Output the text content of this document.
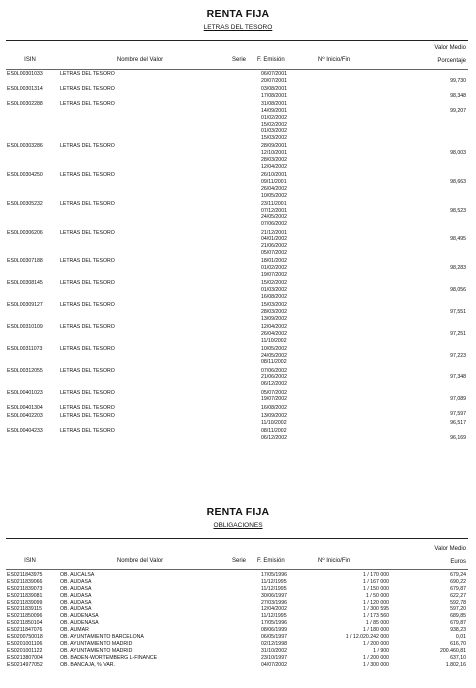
RENTA FIJA
LETRAS DEL TESORO
ISIN	Nombre del Valor	Serie F. Emisión	Nº Inicio/Fin
Valor Medio
Porcentaje
ES0L00301033	LETRAS DEL TESORO	06/07/2001
20/07/2001	99,730
ES0L00301314	LETRAS DEL TESORO	03/08/2001
17/08/2001	98,348
ES0L00302288	LETRAS DEL TESORO	31/08/2001
14/09/2001
01/02/2002
15/02/2002
01/03/2002
15/03/2002
99,207
ES0L00303286	LETRAS DEL TESORO	28/09/2001
12/10/2001
28/03/2002
12/04/2002
98,003
ES0L00304250	LETRAS DEL TESORO	26/10/2001
09/11/2001
26/04/2002
10/05/2002
98,663
ES0L00305232	LETRAS DEL TESORO	23/11/2001
07/12/2001
24/05/2002
07/06/2002
98,523
ES0L00306206	LETRAS DEL TESORO	21/12/2001
04/01/2002
21/06/2002
05/07/2002
98,495
ES0L00307188	LETRAS DEL TESORO	18/01/2002
01/02/2002
19/07/2002
98,283
ES0L00308145	LETRAS DEL TESORO	15/02/2002
01/03/2002
16/08/2002
98,056
ES0L00309127	LETRAS DEL TESORO	15/03/2002
28/03/2002
13/09/2002
97,551
ES0L00310109	LETRAS DEL TESORO	12/04/2002
26/04/2002
11/10/2002
97,251
ES0L00311073	LETRAS DEL TESORO	10/05/2002
24/05/2002
08/11/2002
97,223
ES0L00312055	LETRAS DEL TESORO	07/06/2002
21/06/2002
06/12/2002
97,348
ES0L00401023	LETRAS DEL TESORO	05/07/2002
19/07/2002	97,089
ES0L00401304	LETRAS DEL TESORO	16/08/2002
97,597
ES0L00402203	LETRAS DEL TESORO	13/09/2002
11/10/2002	96,517
ES0L00404233	LETRAS DEL TESORO	08/11/2002
06/12/2002	96,169
RENTA FIJA
OBLIGACIONES
ISIN	Nombre del Valor	Serie F. Emisión	Nº Inicio/Fin
Valor Medio
Euros
ES0211843975	OB. AUCALSA	17/05/1996	1 / 170 000	679,24
ES0211839066	OB. AUDASA	11/12/1995	1 / 167 000	690,22
ES0211839073	OB. AUDASA	11/12/1995	1 / 150 000	679,87
ES0211839081	OB. AUDASA	30/06/1997	1 / 50 000	622,27
ES0211839099	OB. AUDASA	27/03/1996	1 / 120 000	592,78
ES0211839115	OB. AUDASA	12/04/2002	1 / 300 595	597,20
ES0211850096	OB. AUDENASA	11/12/1995	1 / 173 560	689,85
ES0211850104	OB. AUDENASA	17/05/1996	1 / 85 000	679,87
ES0211847076	OB. AUMAR	08/06/1999	1 / 180 000	938,23
ES0200750018	OB. AYUNTAMIENTO BARCELONA	06/05/1997	1 / 12.020.242 000	0,01
ES0201001106	OB. AYUNTAMIENTO MADRID	02/12/1998	1 / 200 000	616,70
ES0201001122	OB. AYUNTAMIENTO MADRID	31/10/2002	1 / 900	200.460,81
ES0213807004	OB. BADEN-WORTEMBERG L-FINANCE	23/10/1997	1 / 200 000	637,10
ES0214977052	OB. BANCAJA, % VAR.	04/07/2002	1 / 300 000	1.802,16
